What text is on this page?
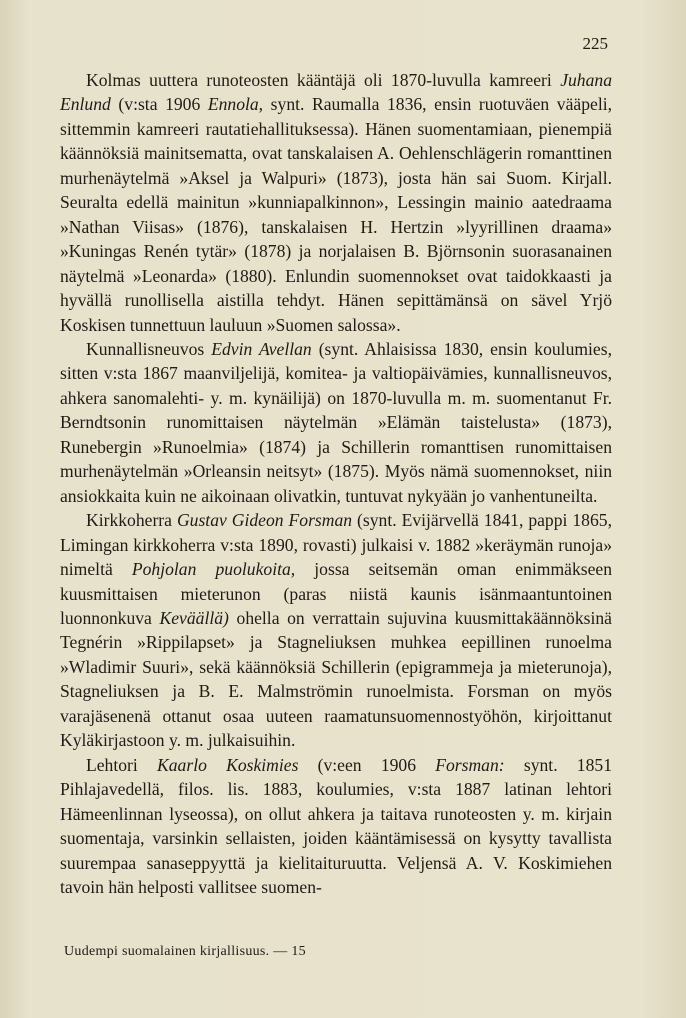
225

Kolmas uuttera runoteosten kääntäjä oli 1870-luvulla kamreeri Juhana Enlund (v:sta 1906 Ennola, synt. Raumalla 1836, ensin ruotuväen vääpeli, sittemmin kamreeri rautatiehallituksessa). Hänen suomentamiaan, pienempiä käännöksiä mainitsematta, ovat tanskalaisen A. Oehlenschlägerin romanttinen murhenäytelmä »Aksel ja Walpuri» (1873), josta hän sai Suom. Kirjall. Seuralta edellä mainitun »kunniapalkinnon», Lessingin mainio aatedraama »Nathan Viisas» (1876), tanskalaisen H. Hertzin »lyyrillinen draama» »Kuningas Renén tytär» (1878) ja norjalaisen B. Björnsonin suorasanainen näytelmä »Leonarda» (1880). Enlundin suomennokset ovat taidokkaasti ja hyvällä runollisella aistilla tehdyt. Hänen sepittämänsä on sävel Yrjö Koskisen tunnettuun lauluun »Suomen salossa».

Kunnallisneuvos Edvin Avellan (synt. Ahlaisissa 1830, ensin koulumies, sitten v:sta 1867 maanviljelijä, komitea- ja valtiopäivämies, kunnallisneuvos, ahkera sanomalehti- y. m. kynäilijä) on 1870-luvulla m. m. suomentanut Fr. Berndtsonin runomittaisen näytelmän »Elämän taistelusta» (1873), Runebergin »Runoelmia» (1874) ja Schillerin romanttisen runomittaisen murhenäytelmän »Orleansin neitsyt» (1875). Myös nämä suomennokset, niin ansiokkaita kuin ne aikoinaan olivatkin, tuntuvat nykyään jo vanhentuneilta.

Kirkkoherra Gustav Gideon Forsman (synt. Evijärvellä 1841, pappi 1865, Limingan kirkkoherra v:sta 1890, rovasti) julkaisi v. 1882 »keräymän runoja» nimeltä Pohjolan puolukoita, jossa seitsemän oman enimmäkseen kuusmittaisen mieterunon (paras niistä kaunis isänmaantuntoinen luonnonkuva Keväällä) ohella on verrattain sujuvina kuusmittakäännöksinä Tegnérin »Rippilapset» ja Stagneliuksen muhkea eepillinen runoelma »Wladimir Suuri», sekä käännöksiä Schillerin (epigrammeja ja mieterunoja), Stagneliuksen ja B. E. Malmströmin runoelmista. Forsman on myös varajäsenenä ottanut osaa uuteen raamatunsuomennostyöhön, kirjoittanut Kyläkirjastoon y. m. julkaisuihin.

Lehtori Kaarlo Koskimies (v:een 1906 Forsman: synt. 1851 Pihlajavedellä, filos. lis. 1883, koulumies, v:sta 1887 latinan lehtori Hämeenlinnan lyseossa), on ollut ahkera ja taitava runoteosten y. m. kirjain suomentaja, varsinkin sellaisten, joiden kääntämisessä on kysytty tavallista suurempaa sanaseppyyttä ja kielitaituruutta. Veljensä A. V. Koskimiehen tavoin hän helposti vallitsee suomen-

Uudempi suomalainen kirjallisuus. — 15
